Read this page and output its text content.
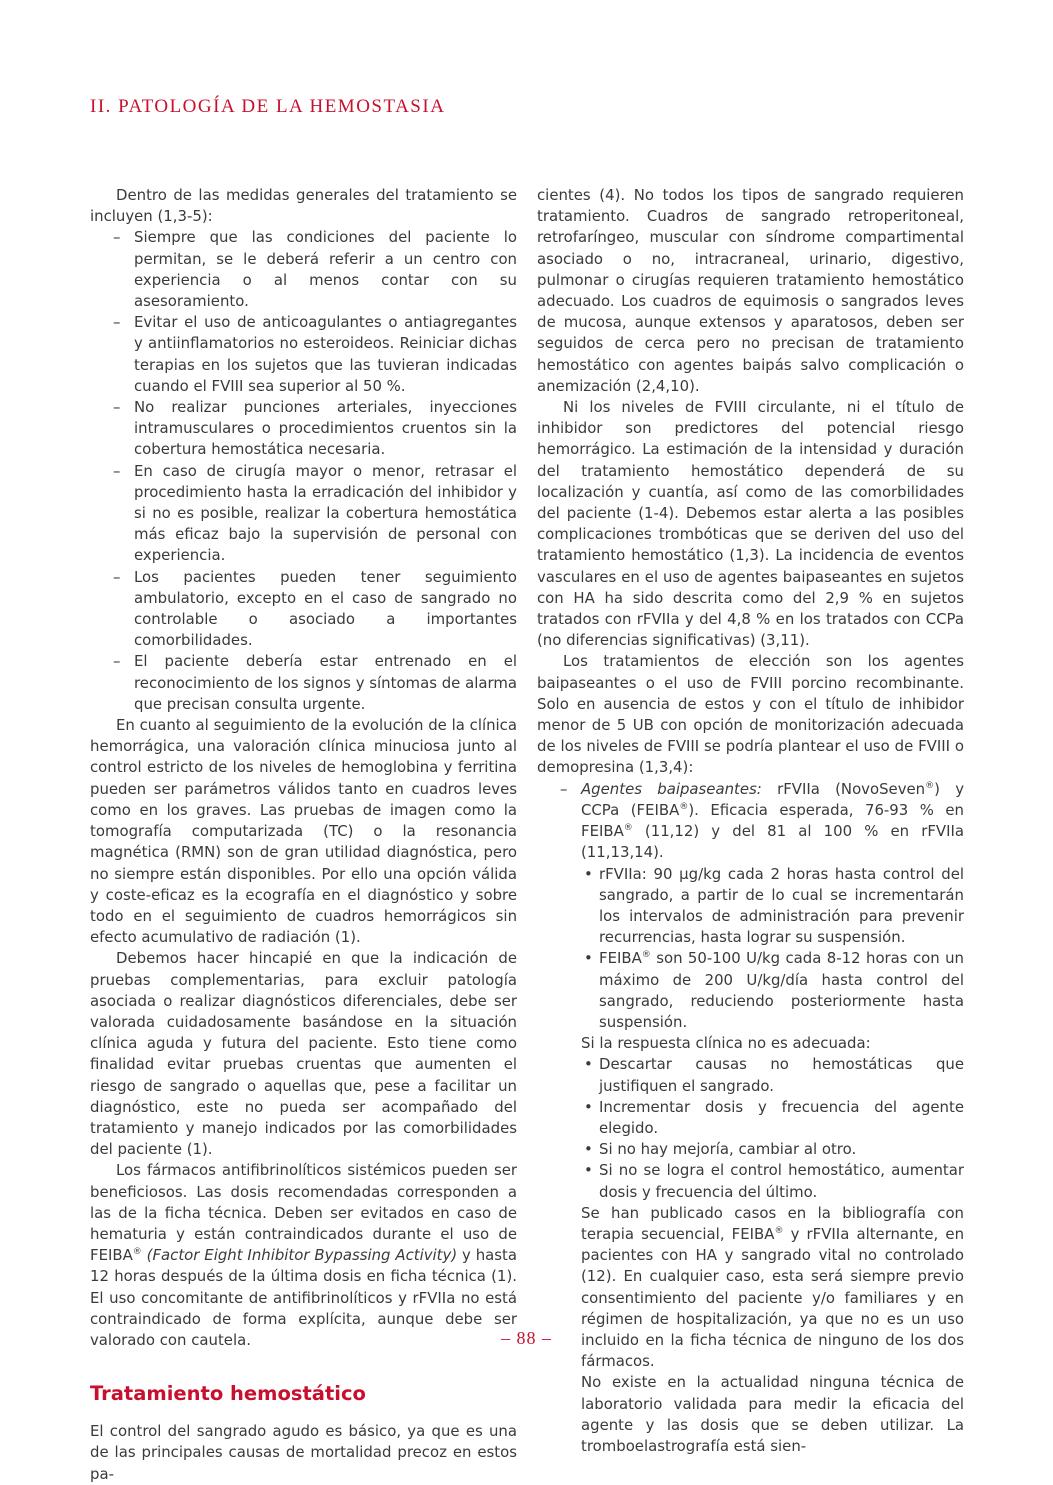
II. PATOLOGÍA DE LA HEMOSTASIA

Dentro de las medidas generales del tratamiento se incluyen (1,3-5):

– Siempre que las condiciones del paciente lo permitan, se le deberá referir a un centro con experiencia o al menos contar con su asesoramiento.
– Evitar el uso de anticoagulantes o antiagregantes y antiinflamatorios no esteroideos. Reiniciar dichas terapias en los sujetos que las tuvieran indicadas cuando el FVIII sea superior al 50 %.
– No realizar punciones arteriales, inyecciones intramusculares o procedimientos cruentos sin la cobertura hemostática necesaria.
– En caso de cirugía mayor o menor, retrasar el procedimiento hasta la erradicación del inhibidor y si no es posible, realizar la cobertura hemostática más eficaz bajo la supervisión de personal con experiencia.
– Los pacientes pueden tener seguimiento ambulatorio, excepto en el caso de sangrado no controlable o asociado a importantes comorbilidades.
– El paciente debería estar entrenado en el reconocimiento de los signos y síntomas de alarma que precisan consulta urgente.

En cuanto al seguimiento de la evolución de la clínica hemorrágica, una valoración clínica minuciosa junto al control estricto de los niveles de hemoglobina y ferritina pueden ser parámetros válidos tanto en cuadros leves como en los graves. Las pruebas de imagen como la tomografía computarizada (TC) o la resonancia magnética (RMN) son de gran utilidad diagnóstica, pero no siempre están disponibles. Por ello una opción válida y coste-eficaz es la ecografía en el diagnóstico y sobre todo en el seguimiento de cuadros hemorrágicos sin efecto acumulativo de radiación (1).

Debemos hacer hincapié en que la indicación de pruebas complementarias, para excluir patología asociada o realizar diagnósticos diferenciales, debe ser valorada cuidadosamente basándose en la situación clínica aguda y futura del paciente. Esto tiene como finalidad evitar pruebas cruentas que aumenten el riesgo de sangrado o aquellas que, pese a facilitar un diagnóstico, este no pueda ser acompañado del tratamiento y manejo indicados por las comorbilidades del paciente (1).

Los fármacos antifibrinolíticos sistémicos pueden ser beneficiosos. Las dosis recomendadas corresponden a las de la ficha técnica. Deben ser evitados en caso de hematuria y están contraindicados durante el uso de FEIBA® (Factor Eight Inhibitor Bypassing Activity) y hasta 12 horas después de la última dosis en ficha técnica (1). El uso concomitante de antifibrinolíticos y rFVIIa no está contraindicado de forma explícita, aunque debe ser valorado con cautela.

Tratamiento hemostático

El control del sangrado agudo es básico, ya que es una de las principales causas de mortalidad precoz en estos pa-

cientes (4). No todos los tipos de sangrado requieren tratamiento. Cuadros de sangrado retroperitoneal, retrofaríngeo, muscular con síndrome compartimental asociado o no, intracraneal, urinario, digestivo, pulmonar o cirugías requieren tratamiento hemostático adecuado. Los cuadros de equimosis o sangrados leves de mucosa, aunque extensos y aparatosos, deben ser seguidos de cerca pero no precisan de tratamiento hemostático con agentes baipás salvo complicación o anemización (2,4,10).

Ni los niveles de FVIII circulante, ni el título de inhibidor son predictores del potencial riesgo hemorrágico. La estimación de la intensidad y duración del tratamiento hemostático dependerá de su localización y cuantía, así como de las comorbilidades del paciente (1-4). Debemos estar alerta a las posibles complicaciones trombóticas que se deriven del uso del tratamiento hemostático (1,3). La incidencia de eventos vasculares en el uso de agentes baipaseantes en sujetos con HA ha sido descrita como del 2,9 % en sujetos tratados con rFVIIa y del 4,8 % en los tratados con CCPa (no diferencias significativas) (3,11).

Los tratamientos de elección son los agentes baipaseantes o el uso de FVIII porcino recombinante. Solo en ausencia de estos y con el título de inhibidor menor de 5 UB con opción de monitorización adecuada de los niveles de FVIII se podría plantear el uso de FVIII o demopresina (1,3,4):

– Agentes baipaseantes: rFVIIa (NovoSeven®) y CCPa (FEIBA®). Eficacia esperada, 76-93 % en FEIBA® (11,12) y del 81 al 100 % en rFVIIa (11,13,14).
• rFVIIa: 90 μg/kg cada 2 horas hasta control del sangrado, a partir de lo cual se incrementarán los intervalos de administración para prevenir recurrencias, hasta lograr su suspensión.
• FEIBA® son 50-100 U/kg cada 8-12 horas con un máximo de 200 U/kg/día hasta control del sangrado, reduciendo posteriormente hasta suspensión.

Si la respuesta clínica no es adecuada:

• Descartar causas no hemostáticas que justifiquen el sangrado.
• Incrementar dosis y frecuencia del agente elegido.
• Si no hay mejoría, cambiar al otro.
• Si no se logra el control hemostático, aumentar dosis y frecuencia del último.

Se han publicado casos en la bibliografía con terapia secuencial, FEIBA® y rFVIIa alternante, en pacientes con HA y sangrado vital no controlado (12). En cualquier caso, esta será siempre previo consentimiento del paciente y/o familiares y en régimen de hospitalización, ya que no es un uso incluido en la ficha técnica de ninguno de los dos fármacos.

No existe en la actualidad ninguna técnica de laboratorio validada para medir la eficacia del agente y las dosis que se deben utilizar. La tromboelastrografía está sien-

– 88 –
